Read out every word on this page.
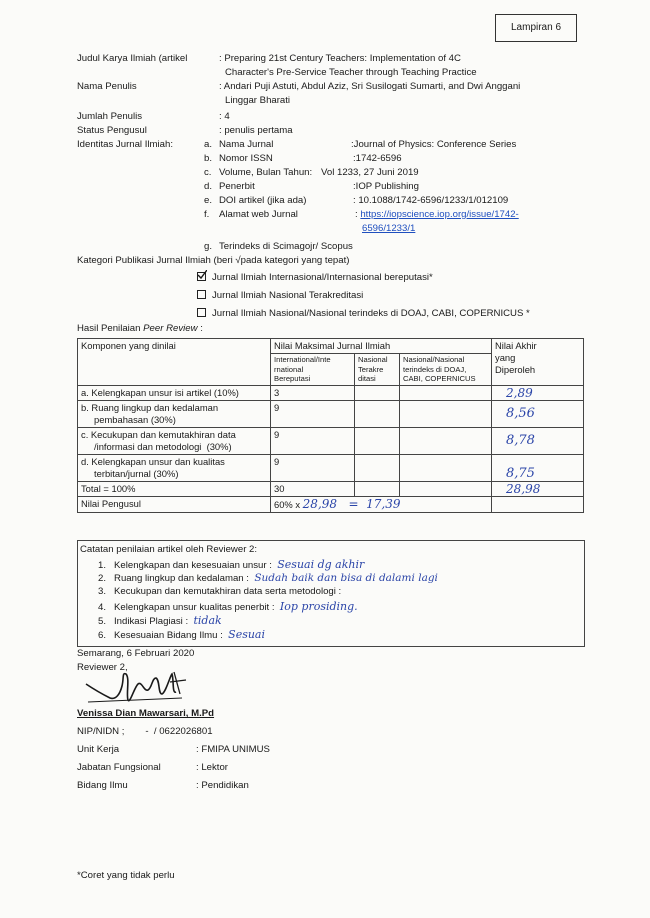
Lampiran 6
Judul Karya Ilmiah (artikel	: Preparing 21st Century Teachers: Implementation of 4C
Character's Pre-Service Teacher through Teaching Practice
Nama Penulis	: Andari Puji Astuti, Abdul Aziz, Sri Susilogati Sumarti, and Dwi Anggani
Linggar Bharati
Jumlah Penulis	: 4
Status Pengusul	: penulis pertama
Identitas Jurnal Ilmiah:	a. Nama Jurnal	:Journal of Physics: Conference Series
b. Nomor ISSN	:1742-6596
c. Volume, Bulan Tahun: Vol 1233, 27 Juni 2019
d. Penerbit	:IOP Publishing
e. DOI artikel (jika ada)	: 10.1088/1742-6596/1233/1/012109
f. Alamat web Jurnal	: https://iopscience.iop.org/issue/1742-
6596/1233/1
g. Terindeks di Scimagojr/ Scopus
Kategori Publikasi Jurnal Ilmiah (beri √pada kategori yang tepat)
Jurnal Ilmiah Internasional/Internasional bereputasi*
Jurnal Ilmiah Nasional Terakreditasi
Jurnal Ilmiah Nasional/Nasional terindeks di DOAJ, CABI, COPERNICUS *
Hasil Penilaian Peer Review :
Komponen yang dinilai	Nilai Maksimal Jurnal Ilmiah			Nilai Akhir
yang
Diperoleh
	International/Inte
rnational
Bereputasi	Nasional
Terakre
ditasi	Nasional/Nasional
terindeks di DOAJ,
CABI, COPERNICUS	
a. Kelengkapan unsur isi artikel (10%)	3			2,89
b. Ruang lingkup dan kedalaman
pembahasan (30%)	9			8,56
c. Kecukupan dan kemutakhiran data
/informasi dan metodologi  (30%)	9			8,78
d. Kelengkapan unsur dan kualitas
terbitan/jurnal (30%)	9			8,75
Total = 100%	30			28,98
Nilai Pengusul	60% x 28,98   =  17,39			
Catatan penilaian artikel oleh Reviewer 2:
1. Kelengkapan dan kesesuaian unsur : Sesuai dg akhir
2. Ruang lingkup dan kedalaman : Sudah baik dan bisa di dalami lagi
3. Kecukupan dan kemutakhiran data serta metodologi :
4. Kelengkapan unsur kualitas penerbit : Iop prosiding.
5. Indikasi Plagiasi : tidak
6. Kesesuaian Bidang Ilmu : Sesuai
Semarang, 6 Februari 2020
Reviewer 2,
Venissa Dian Mawarsari, M.Pd
NIP/NIDN ; -  / 0622026801
Unit Kerja	: FMIPA UNIMUS
Jabatan Fungsional	: Lektor
Bidang Ilmu	: Pendidikan
*Coret yang tidak perlu
